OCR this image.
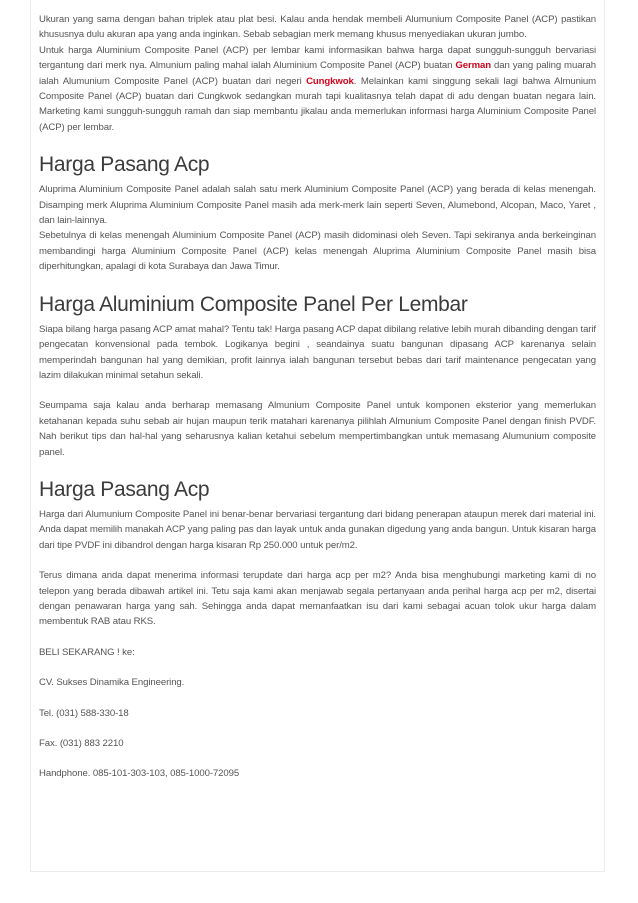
Ukuran yang sama dengan bahan triplek atau plat besi. Kalau anda hendak membeli Alumunium Composite Panel (ACP) pastikan khususnya dulu akuran apa yang anda inginkan. Sebab sebagian merk memang khusus menyediakan ukuran jumbo.

Untuk harga Aluminium Composite Panel (ACP) per lembar kami informasikan bahwa harga dapat sungguh-sungguh bervariasi tergantung dari merk nya. Almunium paling mahal ialah Aluminium Composite Panel (ACP) buatan German dan yang paling muarah ialah Alumunium Composite Panel (ACP) buatan dari negeri Cungkwok. Melainkan kami singgung sekali lagi bahwa Almunium Composite Panel (ACP) buatan dari Cungkwok sedangkan murah tapi kualitasnya telah dapat di adu dengan buatan negara lain. Marketing kami sungguh-sungguh ramah dan siap membantu jikalau anda memerlukan informasi harga Aluminium Composite Panel (ACP) per lembar.

Harga Pasang Acp

Aluprima Aluminium Composite Panel adalah salah satu merk Aluminium Composite Panel (ACP) yang berada di kelas menengah. Disamping merk Aluprima Aluminium Composite Panel masih ada merk-merk lain seperti Seven, Alumebond, Alcopan, Maco, Yaret , dan lain-lainnya.

Sebetulnya di kelas menengah Aluminium Composite Panel (ACP) masih didominasi oleh Seven. Tapi sekiranya anda berkeinginan membandingi harga Aluminium Composite Panel (ACP) kelas menengah Aluprima Aluminium Composite Panel masih bisa diperhitungkan, apalagi di kota Surabaya dan Jawa Timur.

Harga Aluminium Composite Panel Per Lembar

Siapa bilang harga pasang ACP amat mahal? Tentu tak! Harga pasang ACP dapat dibilang relative lebih murah dibanding dengan tarif pengecatan konvensional pada tembok. Logikanya begini , seandainya suatu bangunan dipasang ACP karenanya selain memperindah bangunan hal yang demikian, profit lainnya ialah bangunan tersebut bebas dari tarif maintenance pengecatan yang lazim dilakukan minimal setahun sekali.

Seumpama saja kalau anda berharap memasang Almunium Composite Panel untuk komponen eksterior yang memerlukan ketahanan kepada suhu sebab air hujan maupun terik matahari karenanya pilihlah Almunium Composite Panel dengan finish PVDF. Nah berikut tips dan hal-hal yang seharusnya kalian ketahui sebelum mempertimbangkan untuk memasang Alumunium composite panel.

Harga Pasang Acp

Harga dari Alumunium Composite Panel ini benar-benar bervariasi tergantung dari bidang penerapan ataupun merek dari material ini. Anda dapat memilih manakah ACP yang paling pas dan layak untuk anda gunakan digedung yang anda bangun. Untuk kisaran harga dari tipe PVDF ini dibandrol dengan harga kisaran Rp 250.000 untuk per/m2.

Terus dimana anda dapat menerima informasi terupdate dari harga acp per m2? Anda bisa menghubungi marketing kami di no telepon yang berada dibawah artikel ini. Tetu saja kami akan menjawab segala pertanyaan anda perihal harga acp per m2, disertai dengan penawaran harga yang sah. Sehingga anda dapat memanfaatkan isu dari kami sebagai acuan tolok ukur harga dalam membentuk RAB atau RKS.

BELI SEKARANG ! ke:

CV. Sukses Dinamika Engineering.

Tel. (031) 588-330-18

Fax. (031) 883 2210

Handphone. 085-101-303-103, 085-1000-72095
